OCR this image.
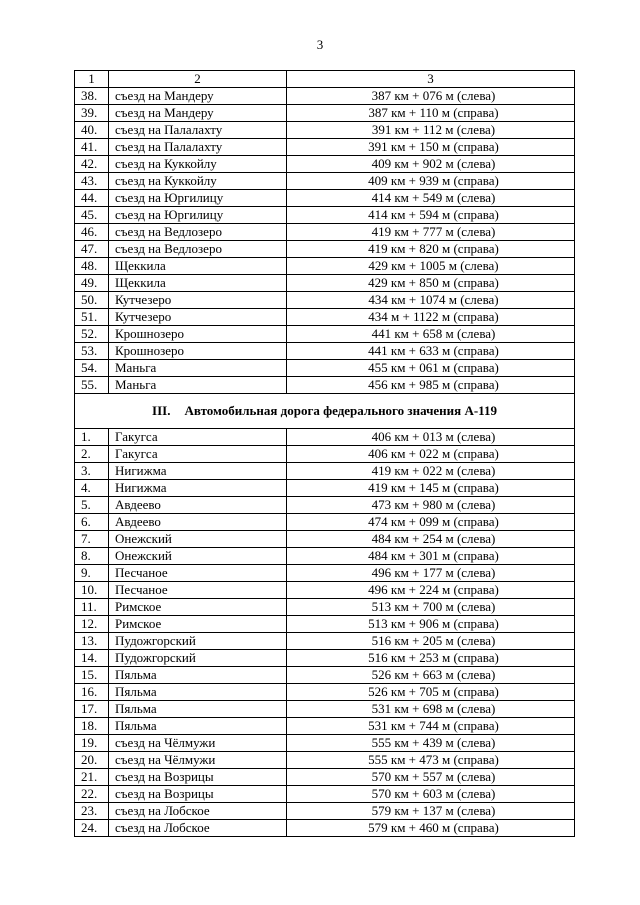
3
1	2	3
38.	съезд на Мандеру	387 км + 076 м (слева)
39.	съезд на Мандеру	387 км + 110 м (справа)
40.	съезд на Палалахту	391 км + 112 м (слева)
41.	съезд на Палалахту	391 км + 150 м (справа)
42.	съезд на Куккойлу	409 км + 902 м (слева)
43.	съезд на Куккойлу	409 км + 939 м (справа)
44.	съезд на Юргилицу	414 км + 549 м (слева)
45.	съезд на Юргилицу	414 км + 594 м (справа)
46.	съезд на Ведлозеро	419 км + 777 м (слева)
47.	съезд на Ведлозеро	419 км + 820 м (справа)
48.	Щеккила	429 км + 1005 м (слева)
49.	Щеккила	429 км + 850 м (справа)
50.	Кутчезеро	434 км + 1074 м (слева)
51.	Кутчезеро	434 м + 1122 м (справа)
52.	Крошнозеро	441 км + 658 м (слева)
53.	Крошнозеро	441 км + 633 м (справа)
54.	Маньга	455 км + 061 м (справа)
55.	Маньга	456 км + 985 м (справа)
III. Автомобильная дорога федерального значения А-119		
1.	Гакугса	406 км + 013 м (слева)
2.	Гакугса	406 км + 022 м (справа)
3.	Нигижма	419 км + 022 м (слева)
4.	Нигижма	419 км + 145 м (справа)
5.	Авдеево	473 км + 980 м (слева)
6.	Авдеево	474 км + 099 м (справа)
7.	Онежский	484 км + 254 м (слева)
8.	Онежский	484 км + 301 м (справа)
9.	Песчаное	496 км + 177 м (слева)
10.	Песчаное	496 км + 224 м (справа)
11.	Римское	513 км + 700 м (слева)
12.	Римское	513 км + 906 м (справа)
13.	Пудожгорский	516 км + 205 м (слева)
14.	Пудожгорский	516 км + 253 м (справа)
15.	Пяльма	526 км + 663 м (слева)
16.	Пяльма	526 км + 705 м (справа)
17.	Пяльма	531 км + 698 м (слева)
18.	Пяльма	531 км + 744 м (справа)
19.	съезд на Чёлмужи	555 км + 439 м (слева)
20.	съезд на Чёлмужи	555 км + 473 м (справа)
21.	съезд на Возрицы	570 км + 557 м (слева)
22.	съезд на Возрицы	570 км + 603 м (слева)
23.	съезд на Лобское	579 км + 137 м (слева)
24.	съезд на Лобское	579 км + 460 м (справа)
